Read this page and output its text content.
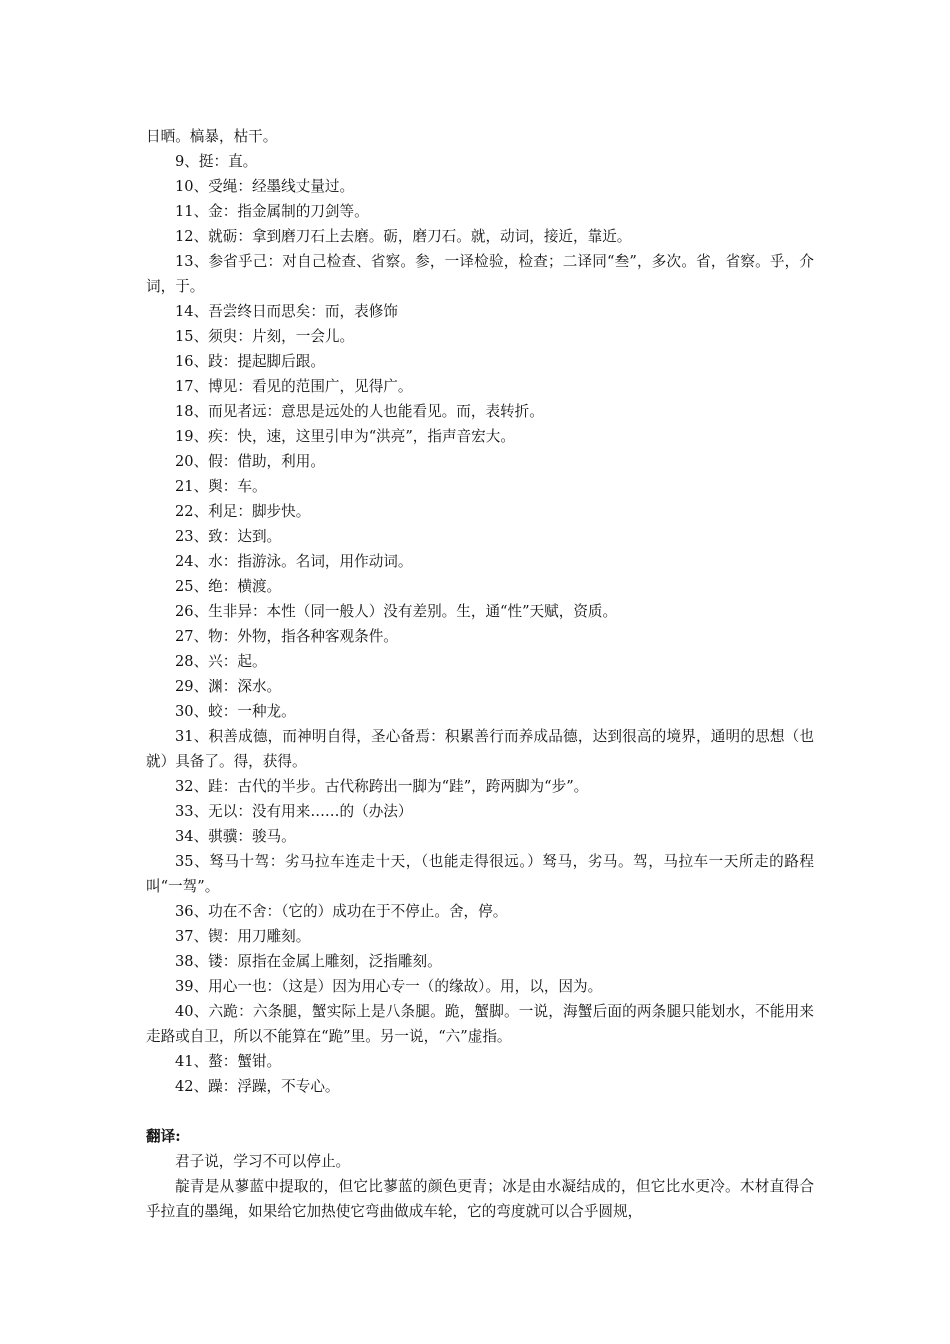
日晒。槁暴，枯干。

9、挺：直。

10、受绳：经墨线丈量过。

11、金：指金属制的刀剑等。

12、就砺：拿到磨刀石上去磨。砺，磨刀石。就，动词，接近，靠近。

13、参省乎己：对自己检查、省察。参，一译检验，检查；二译同“叁”，多次。省，省察。乎，介词，于。

14、吾尝终日而思矣：而，表修饰

15、须臾：片刻，一会儿。

16、跂：提起脚后跟。

17、博见：看见的范围广，见得广。

18、而见者远：意思是远处的人也能看见。而，表转折。

19、疾：快，速，这里引申为“洪亮”，指声音宏大。

20、假：借助，利用。

21、舆：车。

22、利足：脚步快。

23、致：达到。

24、水：指游泳。名词，用作动词。

25、绝：横渡。

26、生非异：本性（同一般人）没有差别。生，通“性”天赋，资质。

27、物：外物，指各种客观条件。

28、兴：起。

29、渊：深水。

30、蛟：一种龙。

31、积善成德，而神明自得，圣心备焉：积累善行而养成品德，达到很高的境界，通明的思想（也就）具备了。得，获得。

32、跬：古代的半步。古代称跨出一脚为“跬”，跨两脚为“步”。

33、无以：没有用来……的（办法）

34、骐骥：骏马。

35、驽马十驾：劣马拉车连走十天，（也能走得很远。）驽马，劣马。驾，马拉车一天所走的路程叫“一驾”。

36、功在不舍：（它的）成功在于不停止。舍，停。

37、锲：用刀雕刻。

38、镂：原指在金属上雕刻，泛指雕刻。

39、用心一也：（这是）因为用心专一（的缘故）。用，以，因为。

40、六跪：六条腿，蟹实际上是八条腿。跪，蟹脚。一说，海蟹后面的两条腿只能划水，不能用来走路或自卫，所以不能算在“跪”里。另一说，“六”虚指。

41、螯：蟹钳。

42、躁：浮躁，不专心。

翻译:

君子说，学习不可以停止。

靛青是从蓼蓝中提取的，但它比蓼蓝的颜色更青；冰是由水凝结成的，但它比水更冷。木材直得合乎拉直的墨绳，如果给它加热使它弯曲做成车轮，它的弯度就可以合乎圆规，
